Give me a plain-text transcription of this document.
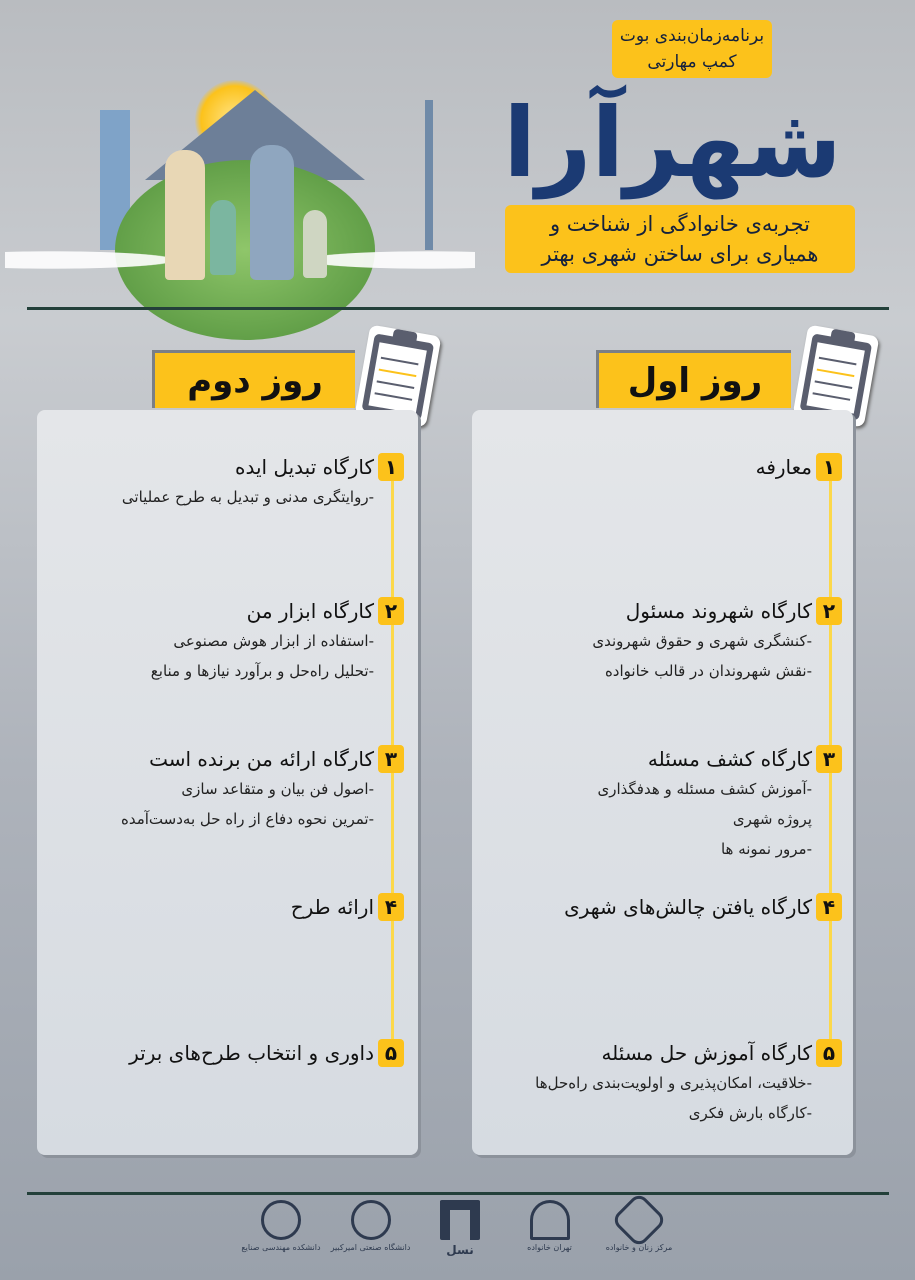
شهرآرا
برنامه‌زمان‌بندی بوت کمپ مهارتی
تجربه‌ی خانوادگی از شناخت و
همیاری برای ساختن شهری بهتر
روز اول
روز دوم
۱
معارفه
۲
کارگاه شهروند مسئول
-کنشگری شهری و حقوق شهروندی
-نقش شهروندان در قالب خانواده
۳
کارگاه کشف مسئله
-آموزش کشف مسئله و هدفگذاری
پروژه شهری
-مرور نمونه ها
۴
کارگاه یافتن چالش‌های شهری
۵
کارگاه آموزش حل مسئله
-خلاقیت، امکان‌پذیری و اولویت‌بندی راه‌حل‌ها
-کارگاه بارش فکری
۱
کارگاه تبدیل ایده
-روایتگری مدنی و تبدیل به طرح عملیاتی
۲
کارگاه ابزار من
-استفاده از ابزار هوش مصنوعی
-تحلیل راه‌حل و برآورد نیازها و منابع
۳
کارگاه ارائه من برنده است
-اصول فن بیان و متقاعد سازی
-تمرین نحوه دفاع از راه حل به‌دست‌آمده
۴
ارائه طرح
۵
داوری و انتخاب طرح‌های برتر
مرکز زنان و خانواده
تهران خانواده
نسل
دانشگاه صنعتی امیرکبیر
دانشکده مهندسی صنایع
